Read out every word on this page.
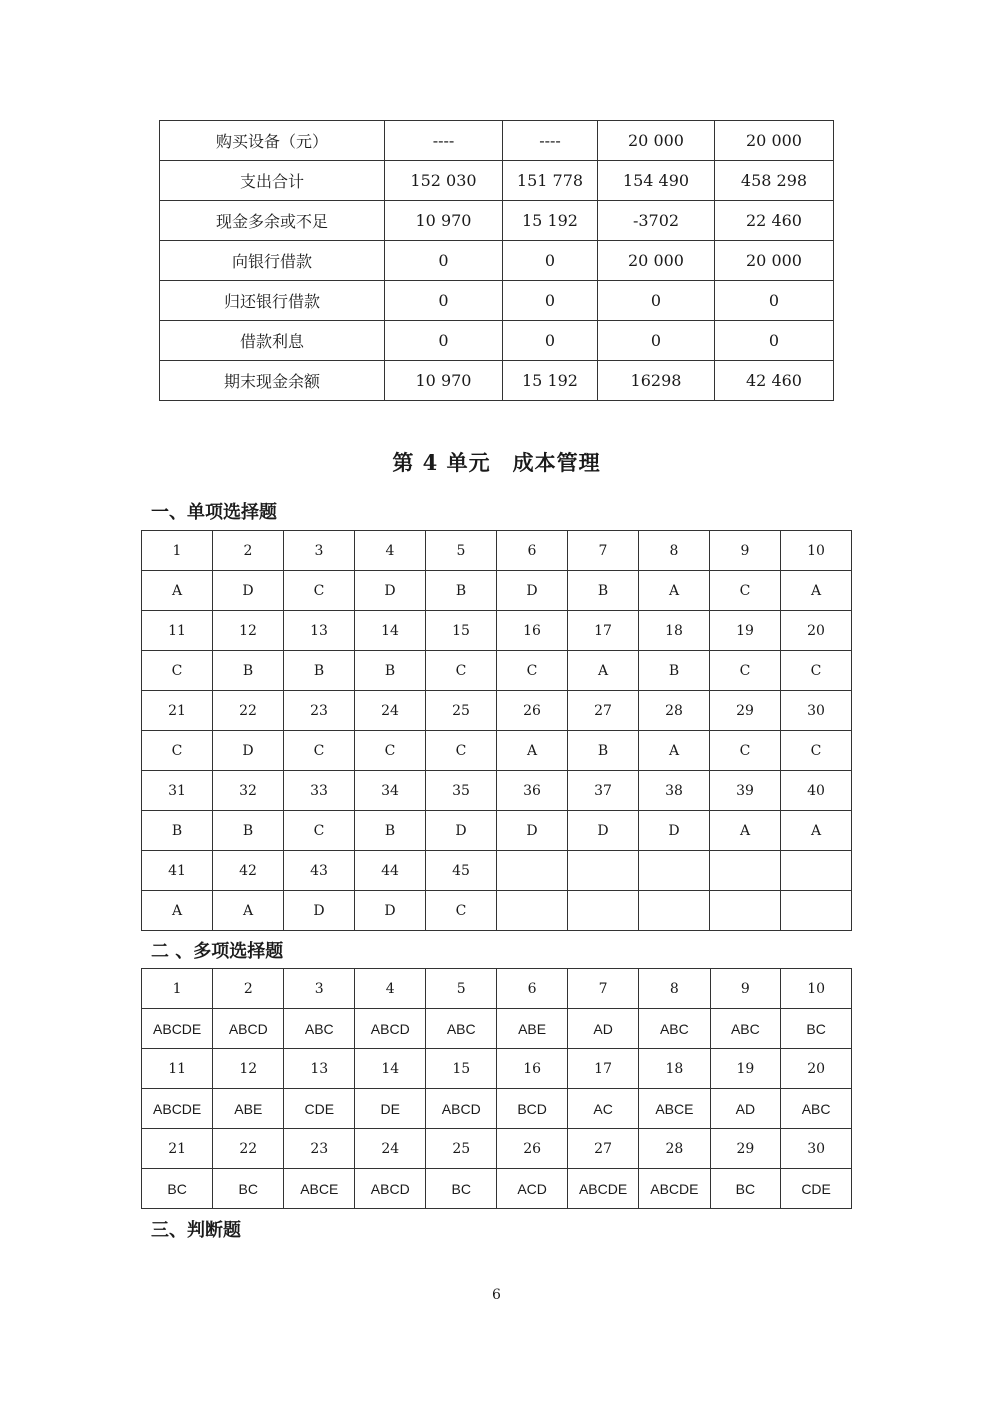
购买设备（元）	----	----	20 000	20 000
支出合计	152 030	151 778	154 490	458 298
现金多余或不足	10 970	15 192	-3702	22 460
向银行借款	0	0	20 000	20 000
归还银行借款	0	0	0	0
借款利息	0	0	0	0
期末现金余额	10 970	15 192	16298	42 460
第 4 单元　成本管理
一、单项选择题
1	2	3	4	5	6	7	8	9	10
A	D	C	D	B	D	B	A	C	A
11	12	13	14	15	16	17	18	19	20
C	B	B	B	C	C	A	B	C	C
21	22	23	24	25	26	27	28	29	30
C	D	C	C	C	A	B	A	C	C
31	32	33	34	35	36	37	38	39	40
B	B	C	B	D	D	D	D	A	A
41	42	43	44	45					
A	A	D	D	C					
二 、多项选择题
1	2	3	4	5	6	7	8	9	10
ABCDE	ABCD	ABC	ABCD	ABC	ABE	AD	ABC	ABC	BC
11	12	13	14	15	16	17	18	19	20
ABCDE	ABE	CDE	DE	ABCD	BCD	AC	ABCE	AD	ABC
21	22	23	24	25	26	27	28	29	30
BC	BC	ABCE	ABCD	BC	ACD	ABCDE	ABCDE	BC	CDE
三、判断题
6
